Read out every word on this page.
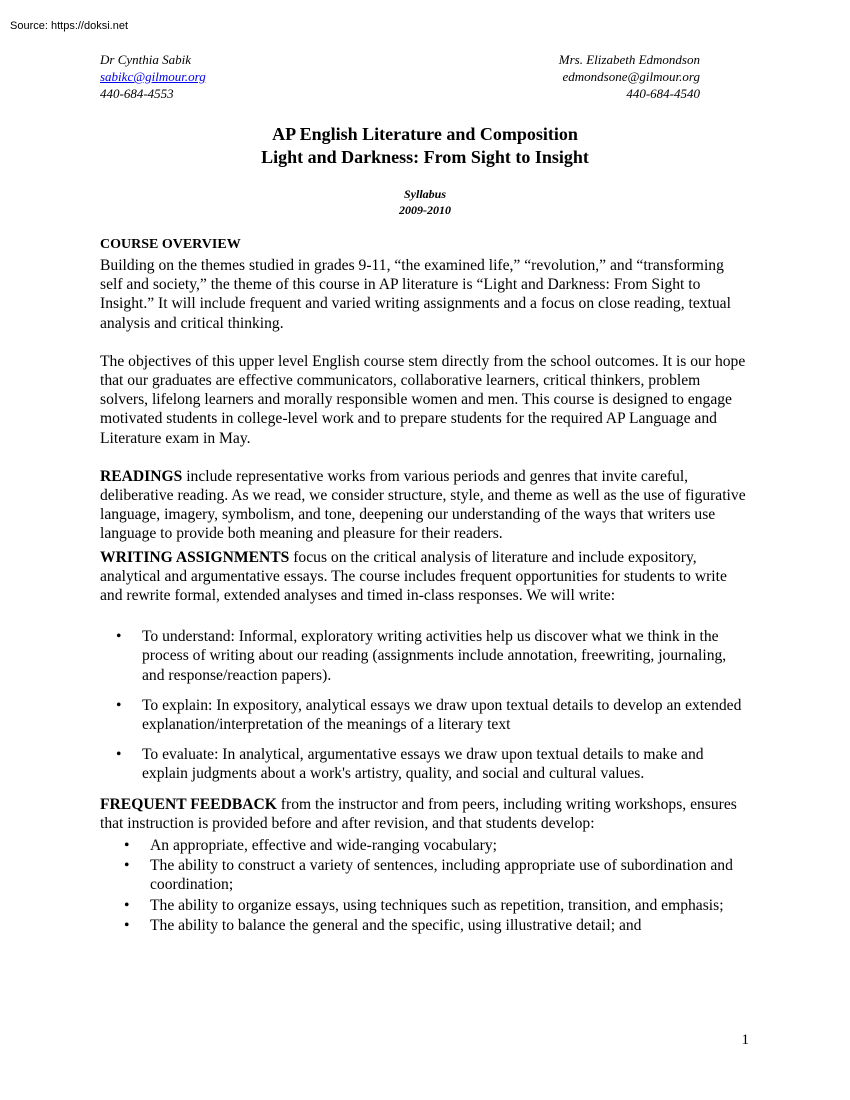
Source: https://doksi.net
Dr Cynthia Sabik
sabikc@gilmour.org
440-684-4553
Mrs. Elizabeth Edmondson
edmondsone@gilmour.org
440-684-4540
AP English Literature and Composition
Light and Darkness: From Sight to Insight
Syllabus
2009-2010
COURSE OVERVIEW

Building on the themes studied in grades 9-11, “the examined life,” “revolution,” and “transforming self and society,” the theme of this course in AP literature is “Light and Darkness: From Sight to Insight.” It will include frequent and varied writing assignments and a focus on close reading, textual analysis and critical thinking.

The objectives of this upper level English course stem directly from the school outcomes. It is our hope that our graduates are effective communicators, collaborative learners, critical thinkers, problem solvers, lifelong learners and morally responsible women and men. This course is designed to engage motivated students in college-level work and to prepare students for the required AP Language and Literature exam in May.

READINGS include representative works from various periods and genres that invite careful, deliberative reading. As we read, we consider structure, style, and theme as well as the use of figurative language, imagery, symbolism, and tone, deepening our understanding of the ways that writers use language to provide both meaning and pleasure for their readers.

WRITING ASSIGNMENTS focus on the critical analysis of literature and include expository, analytical and argumentative essays. The course includes frequent opportunities for students to write and rewrite formal, extended analyses and timed in-class responses. We will write:

• To understand: Informal, exploratory writing activities help us discover what we think in the process of writing about our reading (assignments include annotation, freewriting, journaling, and response/reaction papers).
• To explain: In expository, analytical essays we draw upon textual details to develop an extended explanation/interpretation of the meanings of a literary text
• To evaluate: In analytical, argumentative essays we draw upon textual details to make and explain judgments about a work's artistry, quality, and social and cultural values.

FREQUENT FEEDBACK from the instructor and from peers, including writing workshops, ensures that instruction is provided before and after revision, and that students develop:

• An appropriate, effective and wide-ranging vocabulary;
• The ability to construct a variety of sentences, including appropriate use of subordination and coordination;
• The ability to organize essays, using techniques such as repetition, transition, and emphasis;
• The ability to balance the general and the specific, using illustrative detail; and
1
